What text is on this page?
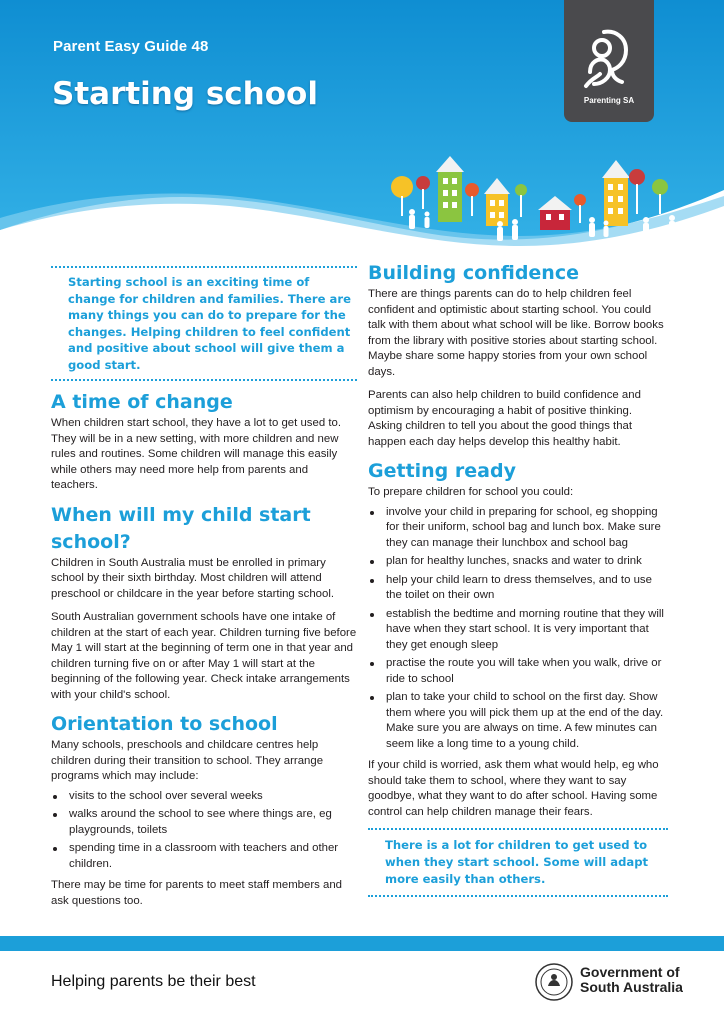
Parent Easy Guide 48
Starting school	Parenting SA
Starting school is an exciting time of change for children and families. There are many things you can do to prepare for the changes. Helping children to feel confident and positive about school will give them a good start.
A time of change

When children start school, they have a lot to get used to. They will be in a new setting, with more children and new rules and routines. Some children will manage this easily while others may need more help from parents and teachers.

When will my child start school?

Children in South Australia must be enrolled in primary school by their sixth birthday. Most children will attend preschool or childcare in the year before starting school.

South Australian government schools have one intake of children at the start of each year. Children turning five before May 1 will start at the beginning of term one in that year and children turning five on or after May 1 will start at the beginning of the following year. Check intake arrangements with your child's school.

Orientation to school

Many schools, preschools and childcare centres help children during their transition to school. They arrange programs which may include:

visits to the school over several weeks
walks around the school to see where things are, eg playgrounds, toilets
spending time in a classroom with teachers and other children.

There may be time for parents to meet staff members and ask questions too.

Building confidence

There are things parents can do to help children feel confident and optimistic about starting school. You could talk with them about what school will be like. Borrow books from the library with positive stories about starting school. Maybe share some happy stories from your own school days.

Parents can also help children to build confidence and optimism by encouraging a habit of positive thinking. Asking children to tell you about the good things that happen each day helps develop this healthy habit.

Getting ready

To prepare children for school you could:

involve your child in preparing for school, eg shopping for their uniform, school bag and lunch box. Make sure they can manage their lunchbox and school bag
plan for healthy lunches, snacks and water to drink
help your child learn to dress themselves, and to use the toilet on their own
establish the bedtime and morning routine that they will have when they start school. It is very important that they get enough sleep
practise the route you will take when you walk, drive or ride to school
plan to take your child to school on the first day. Show them where you will pick them up at the end of the day. Make sure you are always on time. A few minutes can seem like a long time to a young child.

If your child is worried, ask them what would help, eg who should take them to school, where they want to say goodbye, what they want to do after school. Having some control can help children manage their fears.

There is a lot for children to get used to when they start school. Some will adapt more easily than others.
Helping parents be their best
Government of
South Australia
